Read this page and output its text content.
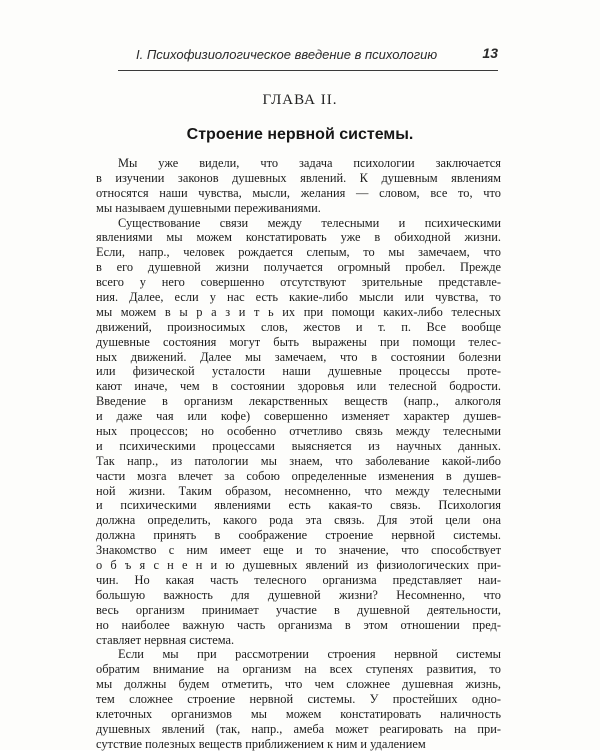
I. Психофизиологическое введение в психологию	13
ГЛАВА II.
Строение нервной системы.
Мы уже видели, что задача психологии заключается
в изучении законов душевных явлений. К душевным явлениям
относятся наши чувства, мысли, желания — словом, все то, что
мы называем душевными переживаниями.
Существование связи между телесными и психическими
явлениями мы можем констатировать уже в обиходной жизни.
Если, напр., человек рождается слепым, то мы замечаем, что
в его душевной жизни получается огромный пробел. Прежде
всего у него совершенно отсутствуют зрительные представле-
ния. Далее, если у нас есть какие-либо мысли или чувства, то
мы можем в ы р а з и т ь их при помощи каких-либо телесных
движений, произносимых слов, жестов и т. п. Все вообще
душевные состояния могут быть выражены при помощи телес-
ных движений. Далее мы замечаем, что в состоянии болезни
или физической усталости наши душевные процессы проте-
кают иначе, чем в состоянии здоровья или телесной бодрости.
Введение в организм лекарственных веществ (напр., алкоголя
и даже чая или кофе) совершенно изменяет характер душев-
ных процессов; но особенно отчетливо связь между телесными
и психическими процессами выясняется из научных данных.
Так напр., из патологии мы знаем, что заболевание какой-либо
части мозга влечет за собою определенные изменения в душев-
ной жизни. Таким образом, несомненно, что между телесными
и психическими явлениями есть какая-то связь. Психология
должна определить, какого рода эта связь. Для этой цели она
должна принять в соображение строение нервной системы.
Знакомство с ним имеет еще и то значение, что способствует
о б ъ я с н е н и ю душевных явлений из физиологических при-
чин. Но какая часть телесного организма представляет наи-
большую важность для душевной жизни? Несомненно, что
весь организм принимает участие в душевной деятельности,
но наиболее важную часть организма в этом отношении пред-
ставляет нервная система.
Если мы при рассмотрении строения нервной системы
обратим внимание на организм на всех ступенях развития, то
мы должны будем отметить, что чем сложнее душевная жизнь,
тем сложнее строение нервной системы. У простейших одно-
клеточных организмов мы можем констатировать наличность
душевных явлений (так, напр., амеба может реагировать на при-
сутствие полезных веществ приближением к ним и удалением
